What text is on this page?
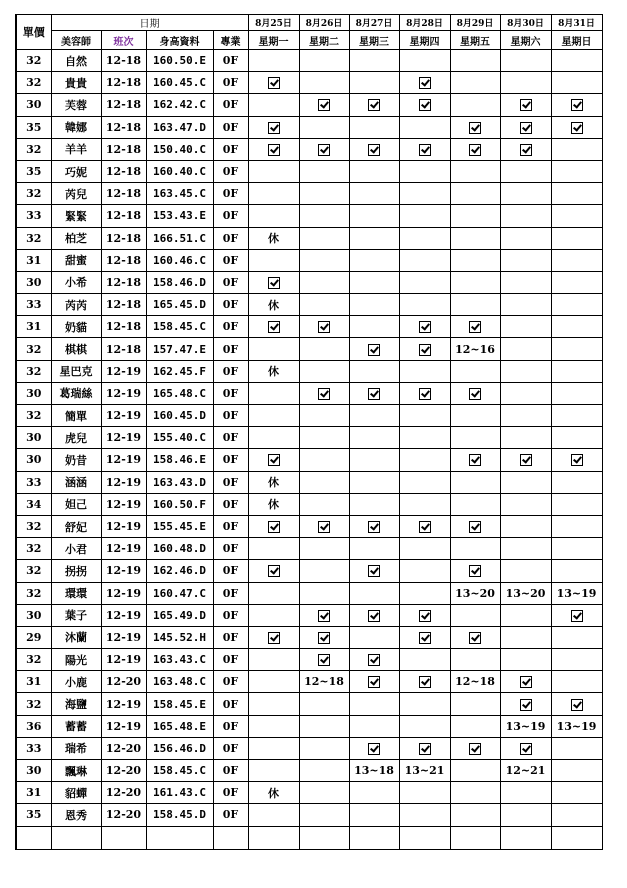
單價	日期				8月25日	8月26日	8月27日	8月28日	8月29日	8月30日	8月31日
	美容師	班次	身高資料	專業	星期一	星期二	星期三	星期四	星期五	星期六	星期日
32	自然	12-18	160.50.E	0F							
32	貴貴	12-18	160.45.C	0F							
30	芙蓉	12-18	162.42.C	0F							
35	韓娜	12-18	163.47.D	0F							
32	羊羊	12-18	150.40.C	0F							
35	巧妮	12-18	160.40.C	0F							
32	芮兒	12-18	163.45.C	0F							
33	緊緊	12-18	153.43.E	0F							
32	柏芝	12-18	166.51.C	0F	休						
31	甜蜜	12-18	160.46.C	0F							
30	小希	12-18	158.46.D	0F							
33	芮芮	12-18	165.45.D	0F	休						
31	奶貓	12-18	158.45.C	0F							
32	棋棋	12-18	157.47.E	0F					12~16		
32	星巴克	12-19	162.45.F	0F	休						
30	葛瑞絲	12-19	165.48.C	0F							
32	簡單	12-19	160.45.D	0F							
30	虎兒	12-19	155.40.C	0F							
30	奶昔	12-19	158.46.E	0F							
33	涵涵	12-19	163.43.D	0F	休						
34	妲己	12-19	160.50.F	0F	休						
32	舒妃	12-19	155.45.E	0F							
32	小君	12-19	160.48.D	0F							
32	拐拐	12-19	162.46.D	0F							
32	環環	12-19	160.47.C	0F					13~20	13~20	13~19
30	葉子	12-19	165.49.D	0F							
29	沐蘭	12-19	145.52.H	0F							
32	陽光	12-19	163.43.C	0F							
31	小鹿	12-20	163.48.C	0F		12~18			12~18		
32	海鹽	12-19	158.45.E	0F							
36	蓄蓄	12-19	165.48.E	0F						13~19	13~19
33	瑞希	12-20	156.46.D	0F							
30	飄琳	12-20	158.45.C	0F			13~18	13~21		12~21	
31	貂蟬	12-20	161.43.C	0F	休						
35	恩秀	12-20	158.45.D	0F							
